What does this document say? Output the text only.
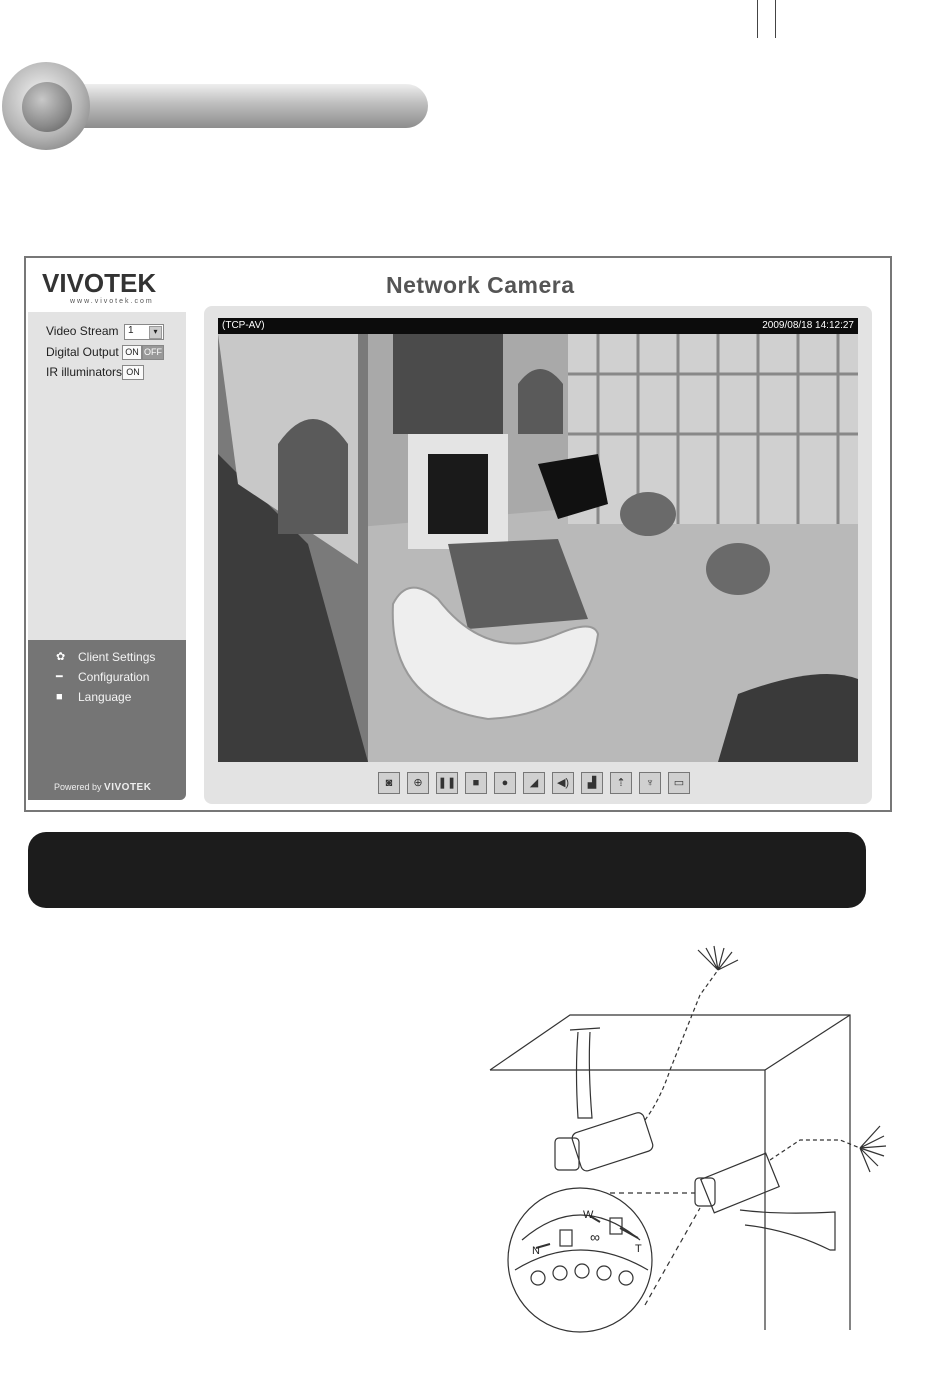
VIVOTEK
www.vivotek.com
Network Camera
Video Stream 1	▾
Digital Output ON OFF
IR illuminators ON
✿ Client Settings
━	Configuration
■	Language
Powered by VIVOTEK
(TCP-AV)	2009/08/18 14:12:27
◙	⊕	❚❚	■	●	◢	◀)	▟	⇡	♆	▭
W
T
N
∞
